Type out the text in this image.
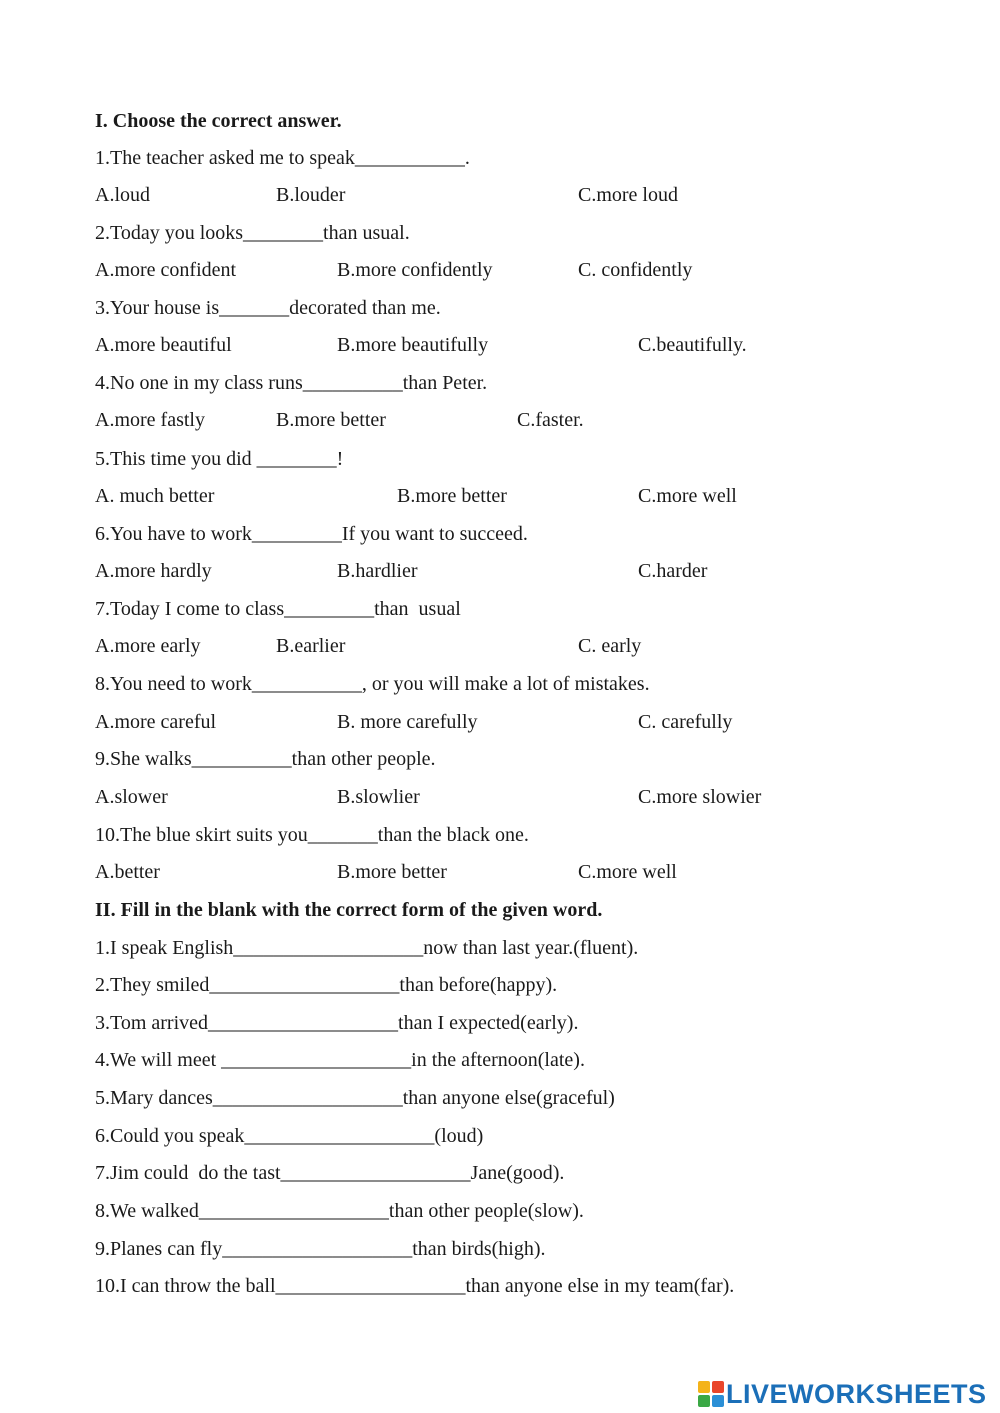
I. Choose the correct answer.
1.The teacher asked me to speak___________.
A.loud	B.louder	C.more loud
2.Today you looks________than usual.
A.more confident	B.more confidently	C. confidently
3.Your house is_______decorated than me.
A.more beautiful	B.more beautifully	C.beautifully.
4.No one in my class runs__________than Peter.
A.more fastly	B.more better	C.faster.
5.This time you did ________!
A. much better	B.more better	C.more well
6.You have to work_________If you want to succeed.
A.more hardly	B.hardlier	C.harder
7.Today I come to class_________than  usual
A.more early	B.earlier	C. early
8.You need to work___________, or you will make a lot of mistakes.
A.more careful	B. more carefully	C. carefully
9.She walks__________than other people.
A.slower	B.slowlier	C.more slowier
10.The blue skirt suits you_______than the black one.
A.better	B.more better	C.more well
II. Fill in the blank with the correct form of the given word.
1.I speak English___________________now than last year.(fluent).
2.They smiled___________________than before(happy).
3.Tom arrived___________________than I expected(early).
4.We will meet ___________________in the afternoon(late).
5.Mary dances___________________than anyone else(graceful)
6.Could you speak___________________(loud)
7.Jim could  do the tast___________________Jane(good).
8.We walked___________________than other people(slow).
9.Planes can fly___________________than birds(high).
10.I can throw the ball___________________than anyone else in my team(far).
LIVEWORKSHEETS
